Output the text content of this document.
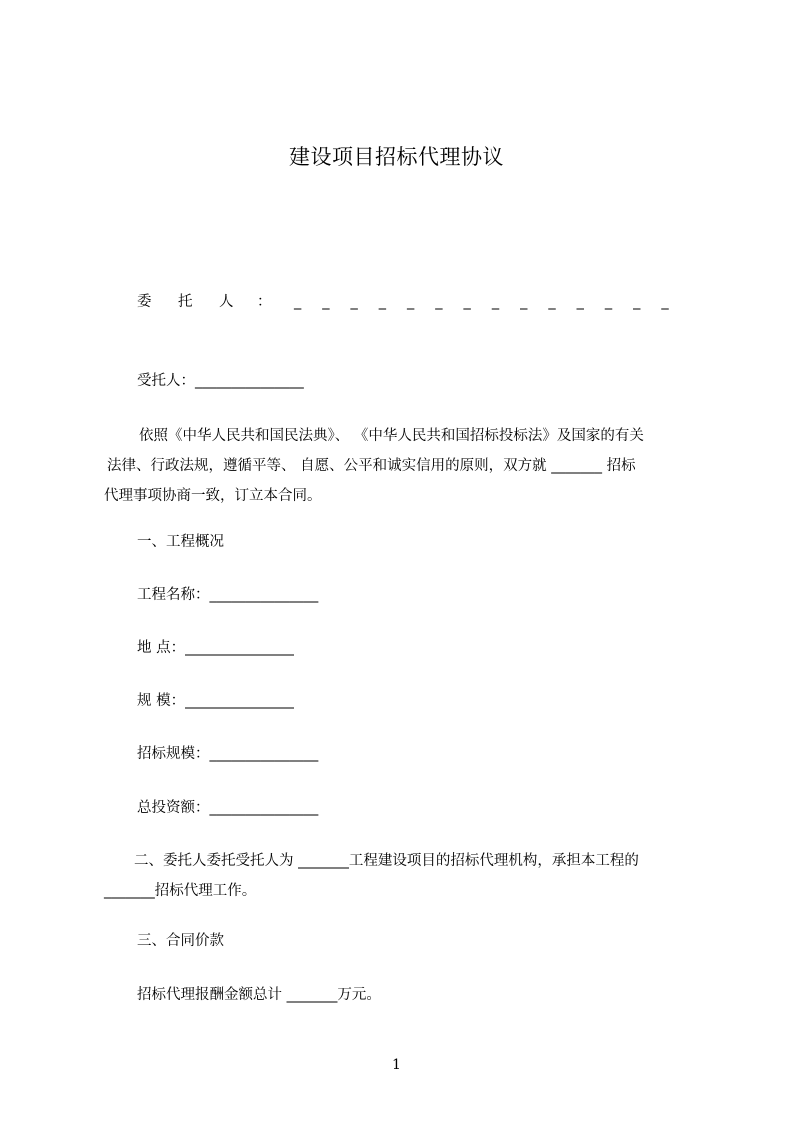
建设项目招标代理协议
委 托 人 ： _ _ _ _ _ _ _ _ _ _ _ _ _ _
受托人：_______________
依照《中华人民共和国民法典》、 《中华人民共和国招标投标法》及国家的有关
法律、行政法规，遵循平等、 自愿、公平和诚实信用的原则，双方就 _______ 招标
代理事项协商一致，订立本合同。
一、工程概况
工程名称：_______________
地 点：_______________
规 模：_______________
招标规模：_______________
总投资额：_______________
二、委托人委托受托人为 _______工程建设项目的招标代理机构，承担本工程的
_______招标代理工作。
三、合同价款
招标代理报酬金额总计 _______万元。
1
